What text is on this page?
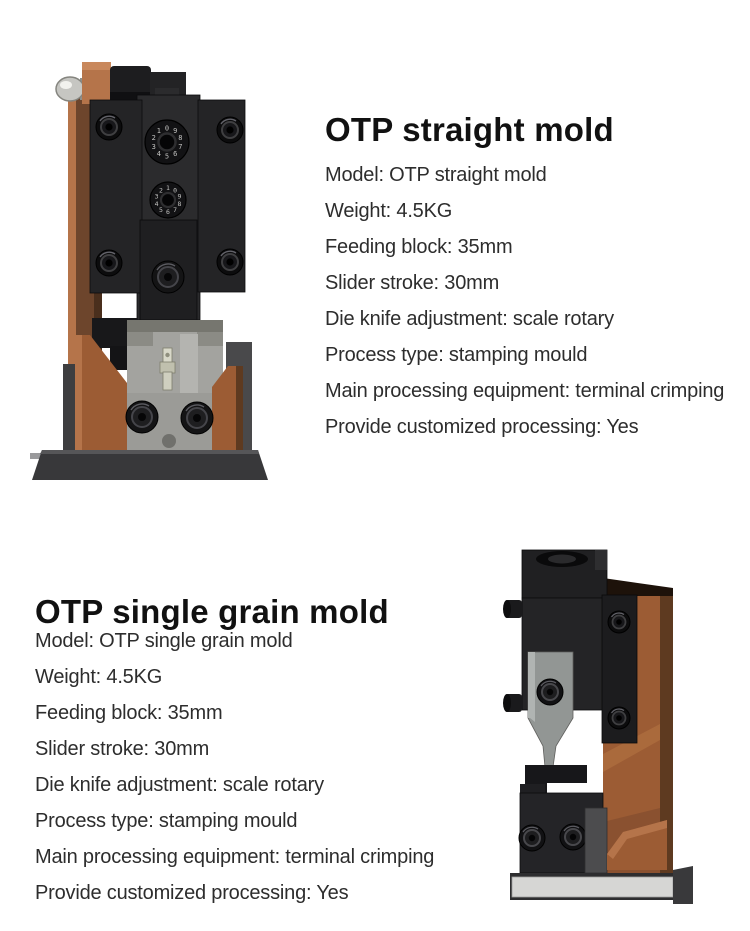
0 9
8
7
6
5
4
3
2
1
1 0
9
8
7
6
5
4
3
2
OTP straight mold
Model: OTP straight mold
Weight: 4.5KG
Feeding block: 35mm
Slider stroke: 30mm
Die knife adjustment: scale rotary
Process type: stamping mould
Main processing equipment: terminal crimping
Provide customized processing: Yes
OTP single grain mold
Model: OTP single grain mold
Weight: 4.5KG
Feeding block: 35mm
Slider stroke: 30mm
Die knife adjustment: scale rotary
Process type: stamping mould
Main processing equipment: terminal crimping
Provide customized processing: Yes
